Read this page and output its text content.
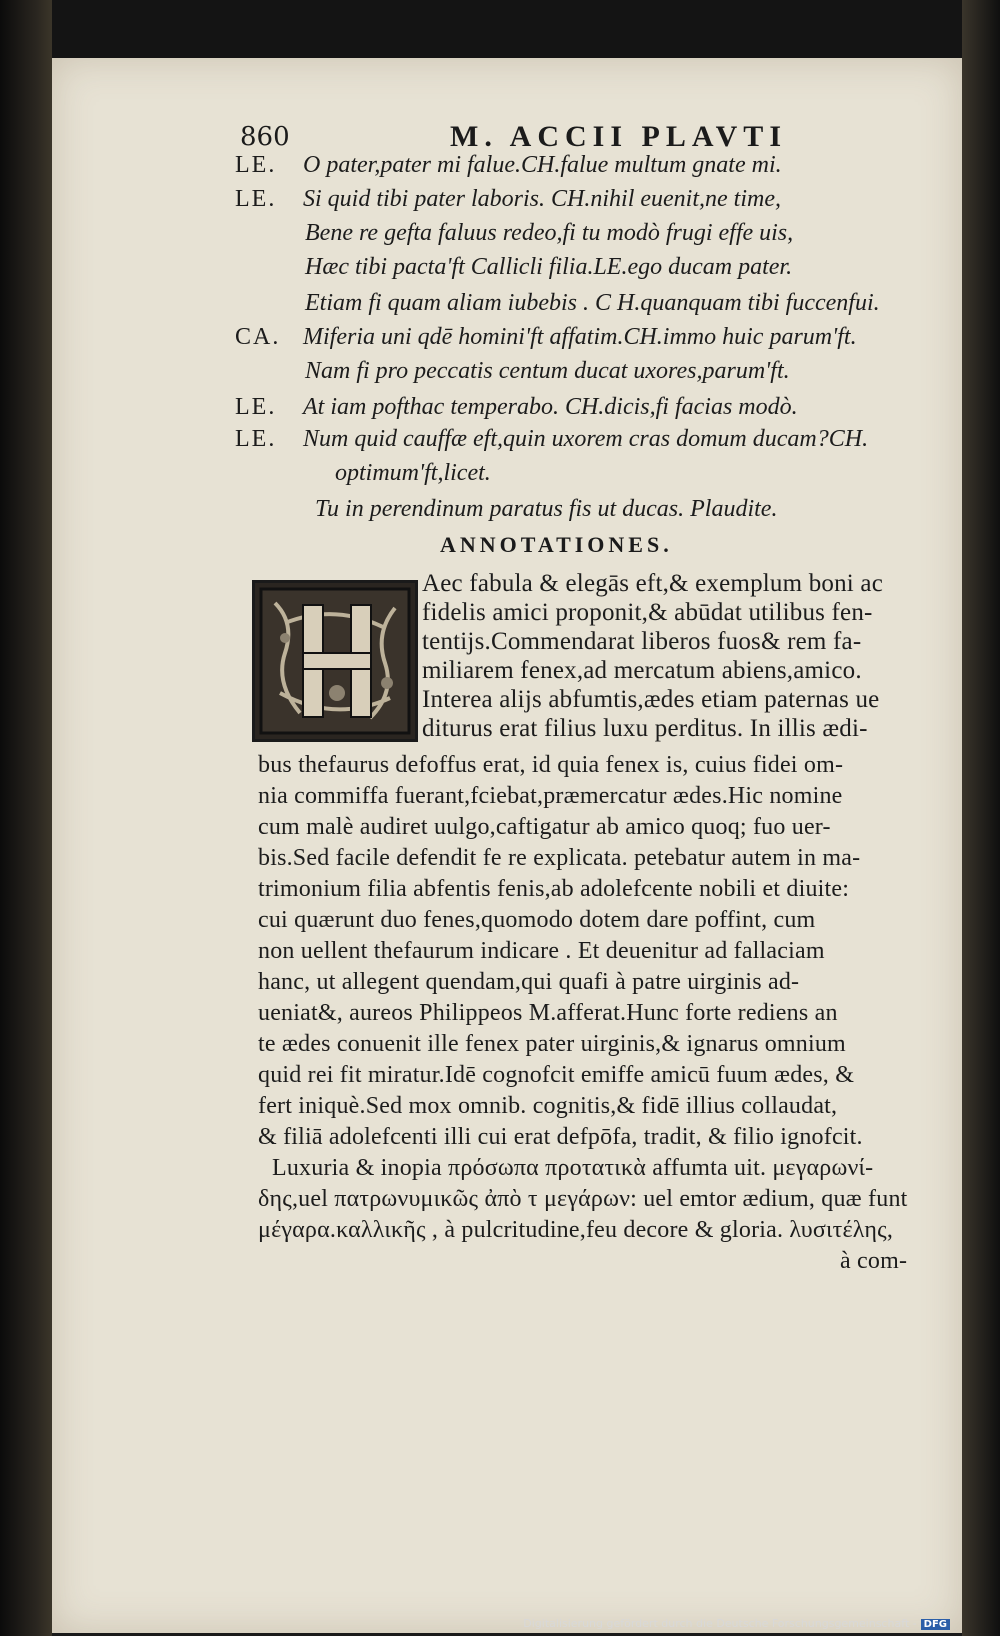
860	M. ACCII PLAVTI
LE. O pater,pater mi falue.CH.falue multum gnate mi.
LE. Si quid tibi pater laboris. CH.nihil euenit,ne time,
Bene re gefta faluus redeo,fi tu modò frugi effe uis,
Hæc tibi pacta'ft Callicli filia.LE.ego ducam pater.
Etiam fi quam aliam iubebis . C H.quanquam tibi fuccenfui.
CA. Miferia uni qdē homini'ft affatim.CH.immo huic parum'ft.
Nam fi pro peccatis centum ducat uxores,parum'ft.
LE. At iam pofthac temperabo. CH.dicis,fi facias modò.
LE. Num quid cauffæ eft,quin uxorem cras domum ducam?CH.
optimum'ft,licet.
Tu in perendinum paratus fis ut ducas. Plaudite.
ANNOTATIONES.
Aec fabula & elegās eft,& exemplum boni ac
fidelis amici proponit,& abūdat utilibus fen-
tentijs.Commendarat liberos fuos& rem fa-
miliarem fenex,ad mercatum abiens,amico.
Interea alijs abfumtis,ædes etiam paternas ue
diturus erat filius luxu perditus. In illis ædi-
bus thefaurus defoffus erat, id quia fenex is, cuius fidei om-
nia commiffa fuerant,fciebat,præmercatur ædes.Hic nomine
cum malè audiret uulgo,caftigatur ab amico quoq; fuo uer-
bis.Sed facile defendit fe re explicata. petebatur autem in ma-
trimonium filia abfentis fenis,ab adolefcente nobili et diuite:
cui quærunt duo fenes,quomodo dotem dare poffint, cum
non uellent thefaurum indicare . Et deuenitur ad fallaciam
hanc, ut allegent quendam,qui quafi à patre uirginis ad-
ueniat&, aureos Philippeos M.afferat.Hunc forte rediens an
te ædes conuenit ille fenex pater uirginis,& ignarus omnium
quid rei fit miratur.Idē cognofcit emiffe amicū fuum ædes, &
fert iniquè.Sed mox omnib. cognitis,& fidē illius collaudat,
& filiā adolefcenti illi cui erat defpōfa, tradit, & filio ignofcit.
Luxuria & inopia πρόσωπα προτατικὰ affumta uit. μεγαρωνί-
δης,uel πατρωνυμικῶς ἀπὸ τ μεγάρων: uel emtor ædium, quæ funt
μέγαρα.καλλικῆς , à pulcritudine,feu decore & gloria. λυσιτέλης,
à com-
Digitalisierung gefördert durch die Deutsche Forschungsgemeinschaft - DFG
